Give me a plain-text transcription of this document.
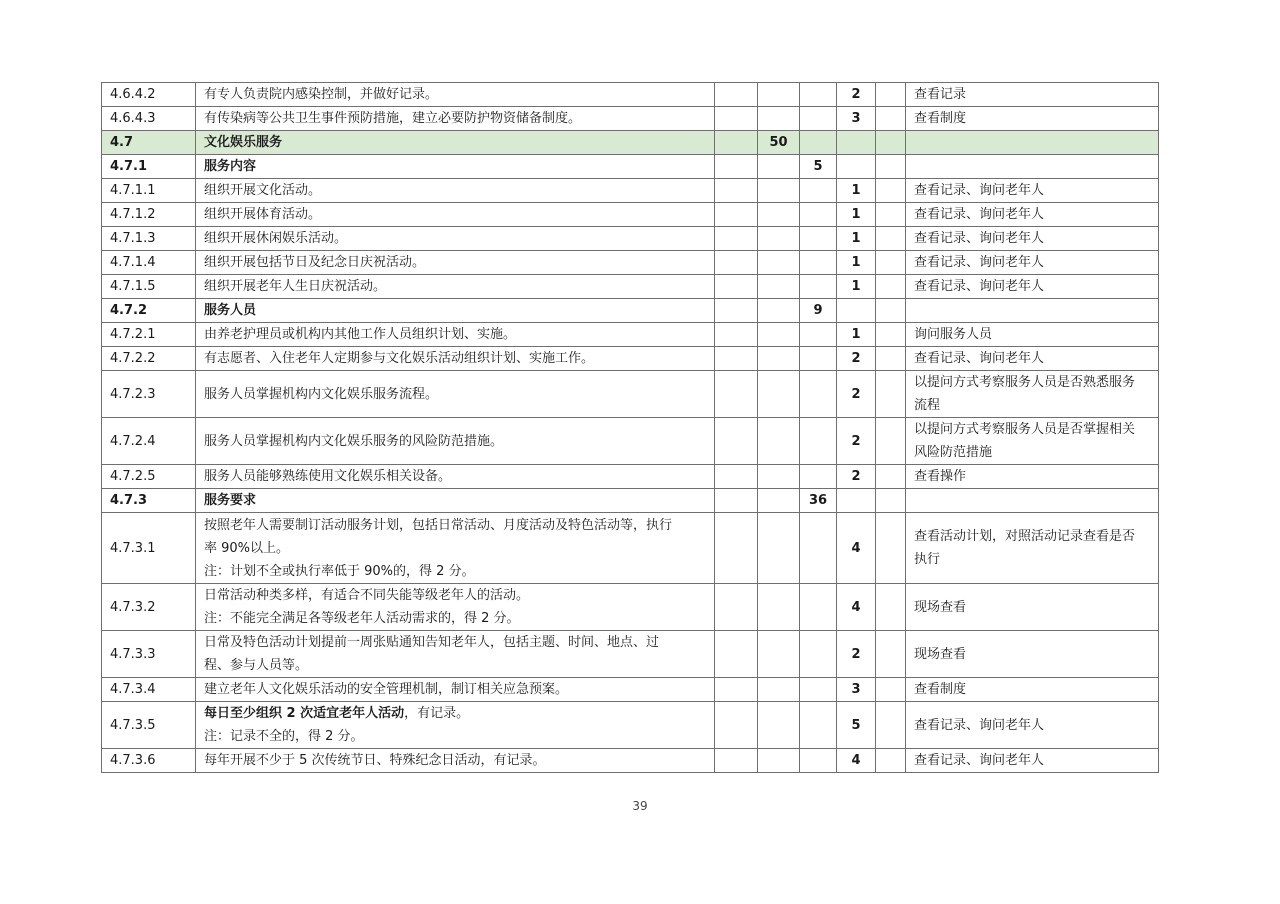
4.6.4.2	有专人负责院内感染控制，并做好记录。				2		查看记录

4.6.4.3	有传染病等公共卫生事件预防措施，建立必要防护物资储备制度。				3		查看制度

4.7	文化娱乐服务		50				
4.7.1	服务内容			5			
4.7.1.1	组织开展文化活动。				1		查看记录、询问老年人

4.7.1.2	组织开展体育活动。				1		查看记录、询问老年人

4.7.1.3	组织开展休闲娱乐活动。				1		查看记录、询问老年人

4.7.1.4	组织开展包括节日及纪念日庆祝活动。				1		查看记录、询问老年人

4.7.1.5	组织开展老年人生日庆祝活动。				1		查看记录、询问老年人

4.7.2	服务人员			9			
4.7.2.1	由养老护理员或机构内其他工作人员组织计划、实施。				1		询问服务人员

4.7.2.2	有志愿者、入住老年人定期参与文化娱乐活动组织计划、实施工作。				2		查看记录、询问老年人

4.7.2.3	服务人员掌握机构内文化娱乐服务流程。				2		以提问方式考察服务人员是否熟悉服务
流程

4.7.2.4	服务人员掌握机构内文化娱乐服务的风险防范措施。				2		以提问方式考察服务人员是否掌握相关
风险防范措施

4.7.2.5	服务人员能够熟练使用文化娱乐相关设备。				2		查看操作

4.7.3	服务要求			36			
4.7.3.1	按照老年人需要制订活动服务计划，包括日常活动、月度活动及特色活动等，执行
率 90%以上。
注：计划不全或执行率低于 90%的，得 2 分。				4		查看活动计划，对照活动记录查看是否
执行

4.7.3.2	日常活动种类多样，有适合不同失能等级老年人的活动。
注：不能完全满足各等级老年人活动需求的，得 2 分。				4		现场查看

4.7.3.3	日常及特色活动计划提前一周张贴通知告知老年人，包括主题、时间、地点、过
程、参与人员等。				2		现场查看

4.7.3.4	建立老年人文化娱乐活动的安全管理机制，制订相关应急预案。				3		查看制度

4.7.3.5	每日至少组织 2 次适宜老年人活动，有记录。
注：记录不全的，得 2 分。				5		查看记录、询问老年人

4.7.3.6	每年开展不少于 5 次传统节日、特殊纪念日活动，有记录。				4		查看记录、询问老年人
39
